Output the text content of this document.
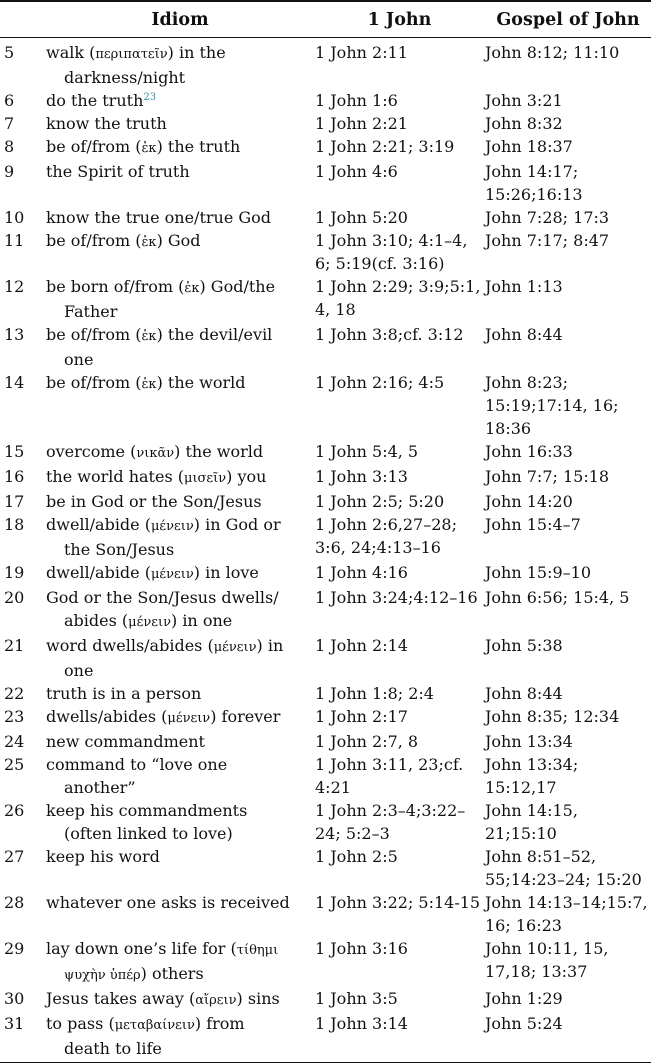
	Idiom	1 John	Gospel of John
5	walk (περιπατεῖν) in the
darkness/night	1 John 2:11	John 8:12; 11:10
6	do the truth$^{23}$	1 John 1:6	John 3:21
7	know the truth	1 John 2:21	John 8:32
8	be of/from (ἐκ) the truth	1 John 2:21; 3:19	John 18:37
9	the Spirit of truth	1 John 4:6	John 14:17; 15:26;16:13
10	know the true one/true God	1 John 5:20	John 7:28; 17:3
11	be of/from (ἐκ) God	1 John 3:10; 4:1–4, 6; 5:19(cf. 3:16)	John 7:17; 8:47
12	be born of/from (ἐκ) God/the
Father	1 John 2:29; 3:9;5:1, 4, 18	John 1:13
13	be of/from (ἐκ) the devil/evil
one	1 John 3:8;cf. 3:12	John 8:44
14	be of/from (ἐκ) the world	1 John 2:16; 4:5	John 8:23; 15:19;17:14, 16; 18:36
15	overcome (νικᾶν) the world	1 John 5:4, 5	John 16:33
16	the world hates (μισεῖν) you	1 John 3:13	John 7:7; 15:18
17	be in God or the Son/Jesus	1 John 2:5; 5:20	John 14:20
18	dwell/abide (μένειν) in God or
the Son/Jesus	1 John 2:6,27–28; 3:6, 24;4:13–16	John 15:4–7
19	dwell/abide (μένειν) in love	1 John 4:16	John 15:9–10
20	God or the Son/Jesus dwells/
abides (μένειν) in one	1 John 3:24;4:12–16	John 6:56; 15:4, 5
21	word dwells/abides (μένειν) in
one	1 John 2:14	John 5:38
22	truth is in a person	1 John 1:8; 2:4	John 8:44
23	dwells/abides (μένειν) forever	1 John 2:17	John 8:35; 12:34
24	new commandment	1 John 2:7, 8	John 13:34
25	command to “love one
another”	1 John 3:11, 23;cf. 4:21	John 13:34; 15:12,17
26	keep his commandments
(often linked to love)	1 John 2:3–4;3:22–24; 5:2–3	John 14:15, 21;15:10
27	keep his word	1 John 2:5	John 8:51–52, 55;14:23–24; 15:20
28	whatever one asks is received	1 John 3:22; 5:14-15	John 14:13–14;15:7, 16; 16:23
29	lay down one’s life for (τίθημι
ψυχὴν ὑπέρ) others	1 John 3:16	John 10:11, 15, 17,18; 13:37
30	Jesus takes away (αἴρειν) sins	1 John 3:5	John 1:29
31	to pass (μεταβαίνειν) from
death to life	1 John 3:14	John 5:24
